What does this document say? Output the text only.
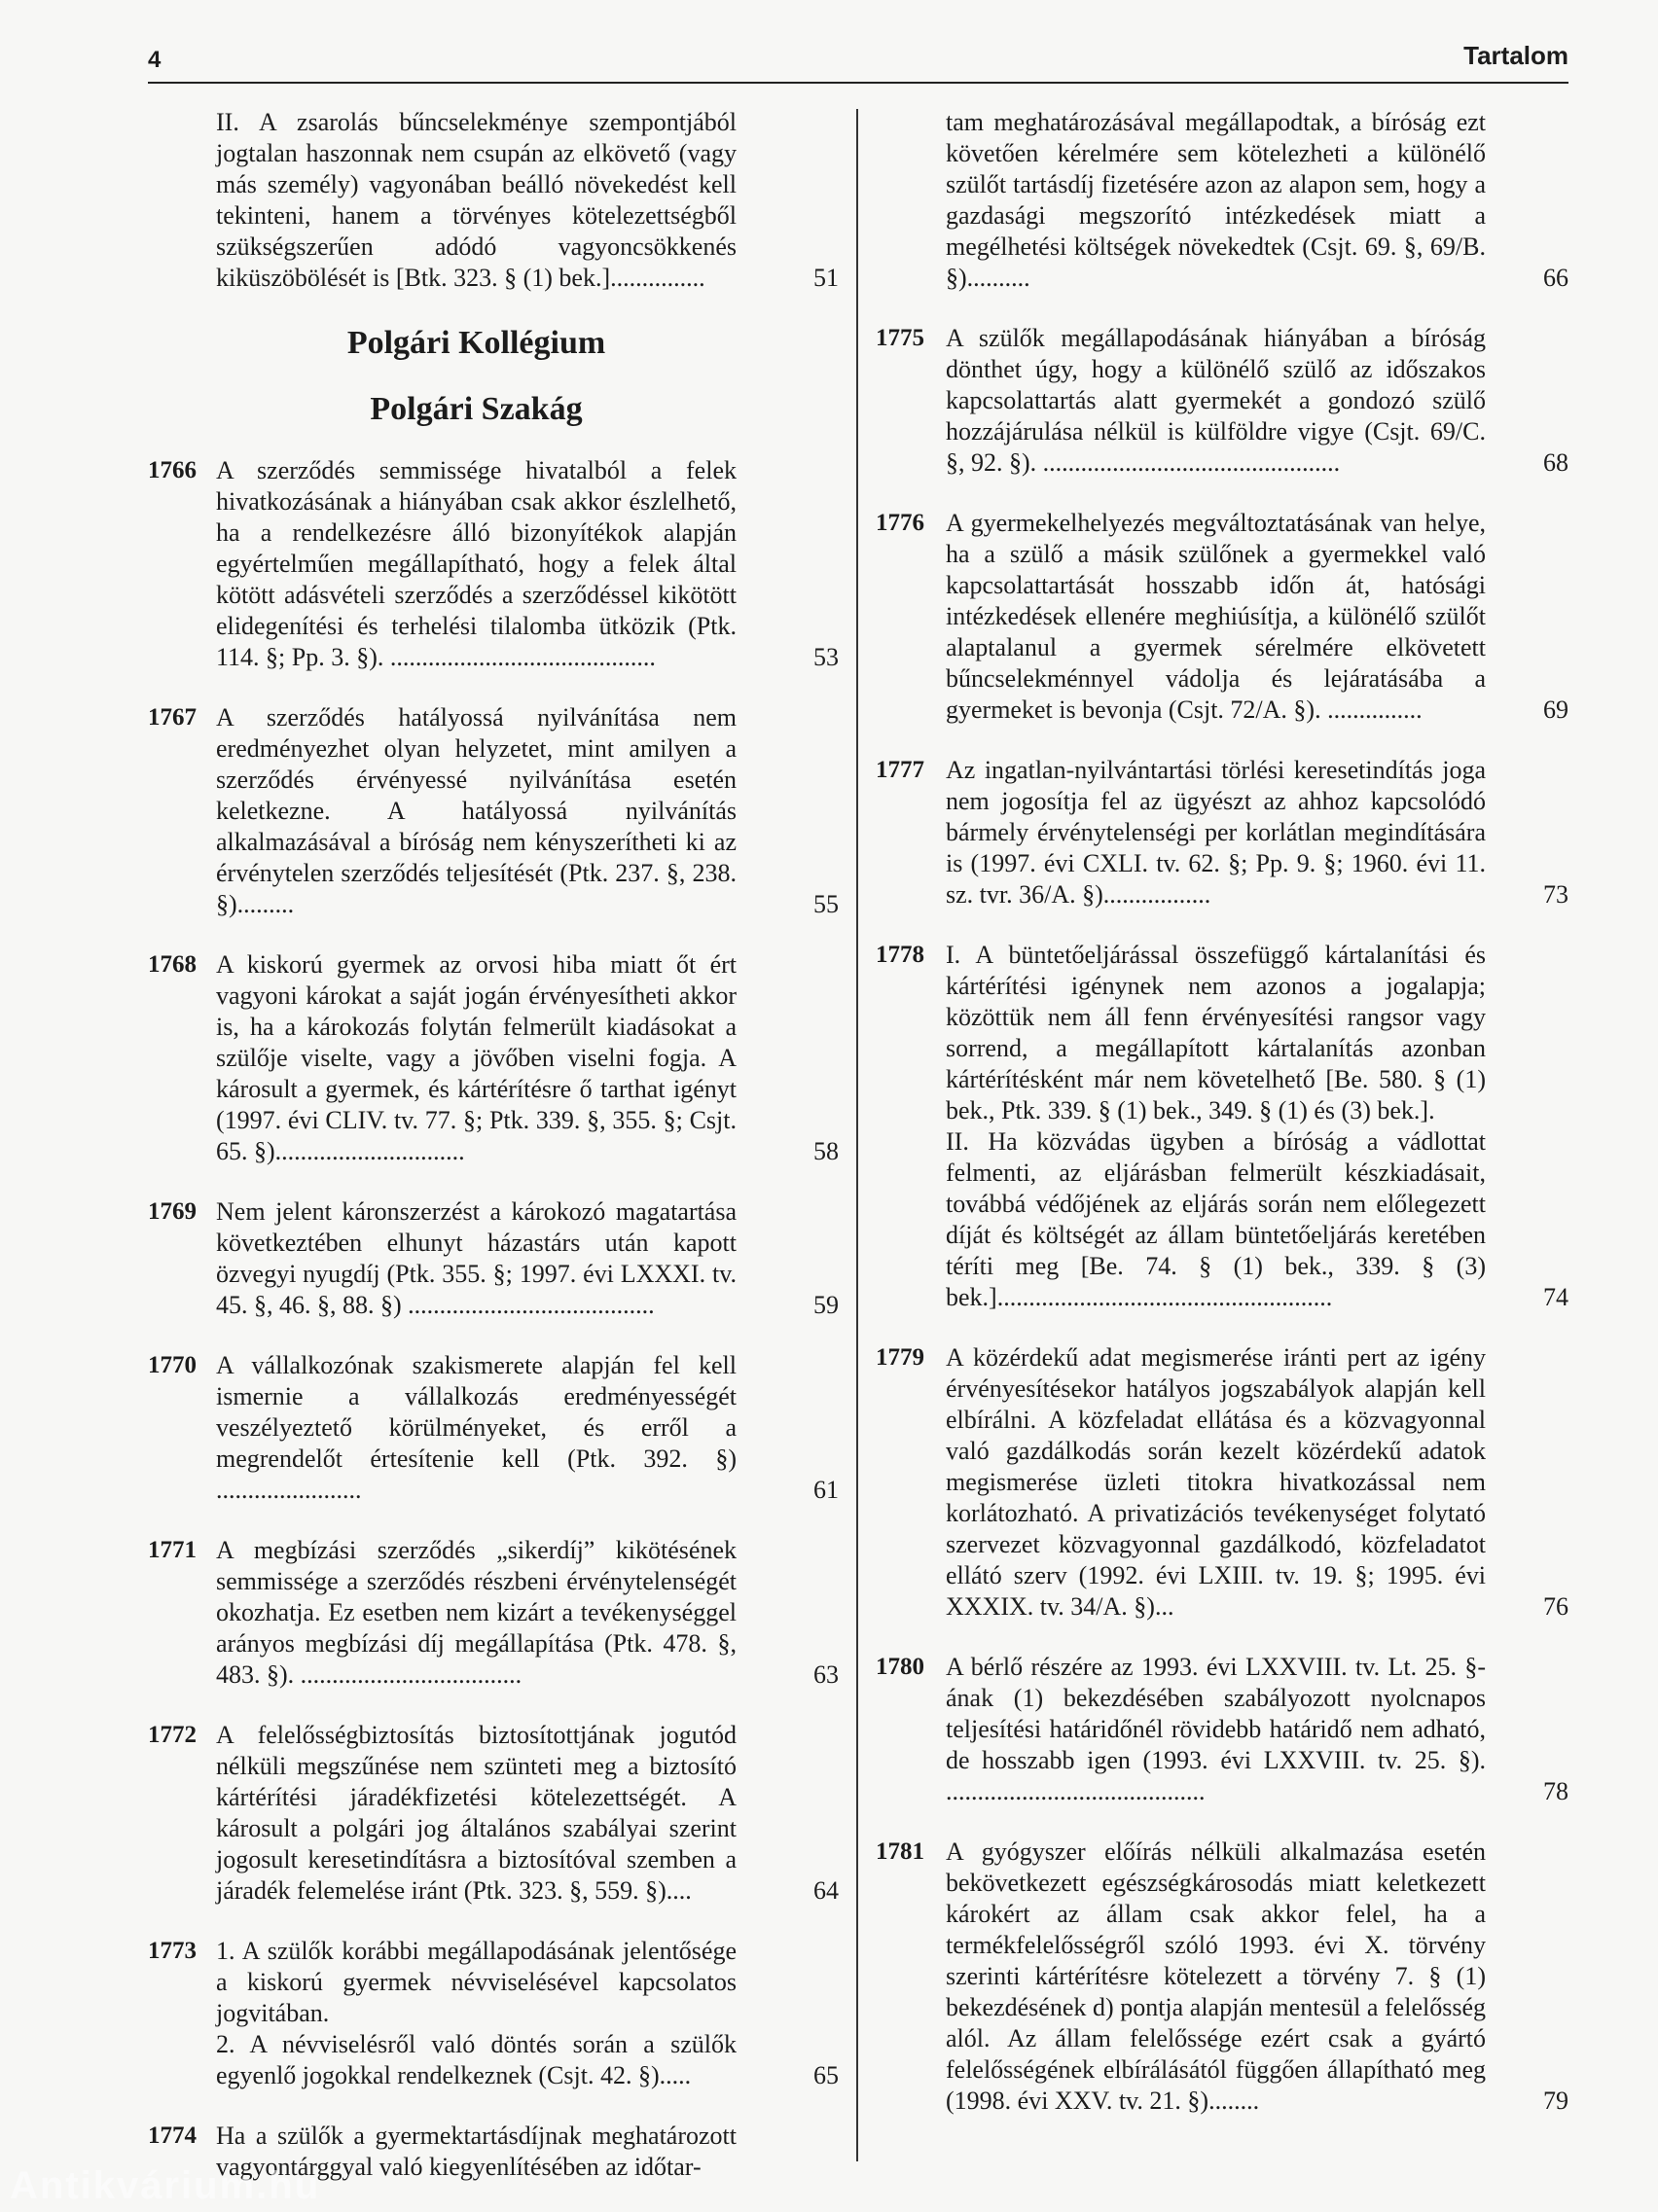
4	Tartalom
II. A zsarolás bűncselekménye szempontjából jogtalan haszonnak nem csupán az elkövető (vagy más személy) vagyonában beálló növekedést kell tekinteni, hanem a törvényes kötelezettségből szükségszerűen adódó vagyoncsökkenés kiküszöbölését is [Btk. 323. § (1) bek.]...............	51
Polgári Kollégium
Polgári Szakág
1766 A szerződés semmissége hivatalból a felek hivatkozásának a hiányában csak akkor észlelhető, ha a rendelkezésre álló bizonyítékok alapján egyértelműen megállapítható, hogy a felek által kötött adásvételi szerződés a szerződéssel kikötött elidegenítési és terhelési tilalomba ütközik (Ptk. 114. §; Pp. 3. §). ..........................................	53
1767 A szerződés hatályossá nyilvánítása nem eredményezhet olyan helyzetet, mint amilyen a szerződés érvényessé nyilvánítása esetén keletkezne. A hatályossá nyilvánítás alkalmazásával a bíróság nem kényszerítheti ki az érvénytelen szerződés teljesítését (Ptk. 237. §, 238. §).........	55
1768 A kiskorú gyermek az orvosi hiba miatt őt ért vagyoni károkat a saját jogán érvényesítheti akkor is, ha a károkozás folytán felmerült kiadásokat a szülője viselte, vagy a jövőben viselni fogja. A károsult a gyermek, és kártérítésre ő tarthat igényt (1997. évi CLIV. tv. 77. §; Ptk. 339. §, 355. §; Csjt. 65. §)..............................	58
1769 Nem jelent káronszerzést a károkozó magatartása következtében elhunyt házastárs után kapott özvegyi nyugdíj (Ptk. 355. §; 1997. évi LXXXI. tv. 45. §, 46. §, 88. §) .......................................	59
1770 A vállalkozónak szakismerete alapján fel kell ismernie a vállalkozás eredményességét veszélyeztető körülményeket, és erről a megrendelőt értesítenie kell (Ptk. 392. §) .......................	61
1771 A megbízási szerződés „sikerdíj” kikötésének semmissége a szerződés részbeni érvénytelenségét okozhatja. Ez esetben nem kizárt a tevékenységgel arányos megbízási díj megállapítása (Ptk. 478. §, 483. §). ...................................	63
1772 A felelősségbiztosítás biztosítottjának jogutód nélküli megszűnése nem szünteti meg a biztosító kártérítési járadékfizetési kötelezettségét. A károsult a polgári jog általános szabályai szerint jogosult keresetindításra a biztosítóval szemben a járadék felemelése iránt (Ptk. 323. §, 559. §)....	64
1773 1. A szülők korábbi megállapodásának jelentősége a kiskorú gyermek névviselésével kapcsolatos jogvitában.

2. A névviselésről való döntés során a szülők egyenlő jogokkal rendelkeznek (Csjt. 42. §).....	65
1774 Ha a szülők a gyermektartásdíjnak meghatározott vagyontárggyal való kiegyenlítésében az időtar-
tam meghatározásával megállapodtak, a bíróság ezt követően kérelmére sem kötelezheti a különélő szülőt tartásdíj fizetésére azon az alapon sem, hogy a gazdasági megszorító intézkedések miatt a megélhetési költségek növekedtek (Csjt. 69. §, 69/B. §)..........	66
1775 A szülők megállapodásának hiányában a bíróság dönthet úgy, hogy a különélő szülő az időszakos kapcsolattartás alatt gyermekét a gondozó szülő hozzájárulása nélkül is külföldre vigye (Csjt. 69/C. §, 92. §). ...............................................	68
1776 A gyermekelhelyezés megváltoztatásának van helye, ha a szülő a másik szülőnek a gyermekkel való kapcsolattartását hosszabb időn át, hatósági intézkedések ellenére meghiúsítja, a különélő szülőt alaptalanul a gyermek sérelmére elkövetett bűncselekménnyel vádolja és lejáratásába a gyermeket is bevonja (Csjt. 72/A. §). ...............	69
1777 Az ingatlan-nyilvántartási törlési keresetindítás joga nem jogosítja fel az ügyészt az ahhoz kapcsolódó bármely érvénytelenségi per korlátlan megindítására is (1997. évi CXLI. tv. 62. §; Pp. 9. §; 1960. évi 11. sz. tvr. 36/A. §).................	73
1778 I. A büntetőeljárással összefüggő kártalanítási és kártérítési igénynek nem azonos a jogalapja; közöttük nem áll fenn érvényesítési rangsor vagy sorrend, a megállapított kártalanítás azonban kártérítésként már nem követelhető [Be. 580. § (1) bek., Ptk. 339. § (1) bek., 349. § (1) és (3) bek.].

II. Ha közvádas ügyben a bíróság a vádlottat felmenti, az eljárásban felmerült készkiadásait, továbbá védőjének az eljárás során nem előlegezett díját és költségét az állam büntetőeljárás keretében téríti meg [Be. 74. § (1) bek., 339. § (3) bek.].....................................................	74
1779 A közérdekű adat megismerése iránti pert az igény érvényesítésekor hatályos jogszabályok alapján kell elbírálni. A közfeladat ellátása és a közvagyonnal való gazdálkodás során kezelt közérdekű adatok megismerése üzleti titokra hivatkozással nem korlátozható. A privatizációs tevékenységet folytató szervezet közvagyonnal gazdálkodó, közfeladatot ellátó szerv (1992. évi LXIII. tv. 19. §; 1995. évi XXXIX. tv. 34/A. §)...	76
1780 A bérlő részére az 1993. évi LXXVIII. tv. Lt. 25. §-ának (1) bekezdésében szabályozott nyolcnapos teljesítési határidőnél rövidebb határidő nem adható, de hosszabb igen (1993. évi LXXVIII. tv. 25. §). .........................................	78
1781 A gyógyszer előírás nélküli alkalmazása esetén bekövetkezett egészségkárosodás miatt keletkezett károkért az állam csak akkor felel, ha a termékfelelősségről szóló 1993. évi X. törvény szerinti kártérítésre kötelezett a törvény 7. § (1) bekezdésének d) pontja alapján mentesül a felelősség alól. Az állam felelőssége ezért csak a gyártó felelősségének elbírálásától függően állapítható meg (1998. évi XXV. tv. 21. §)........	79
Antikvárium.hu
